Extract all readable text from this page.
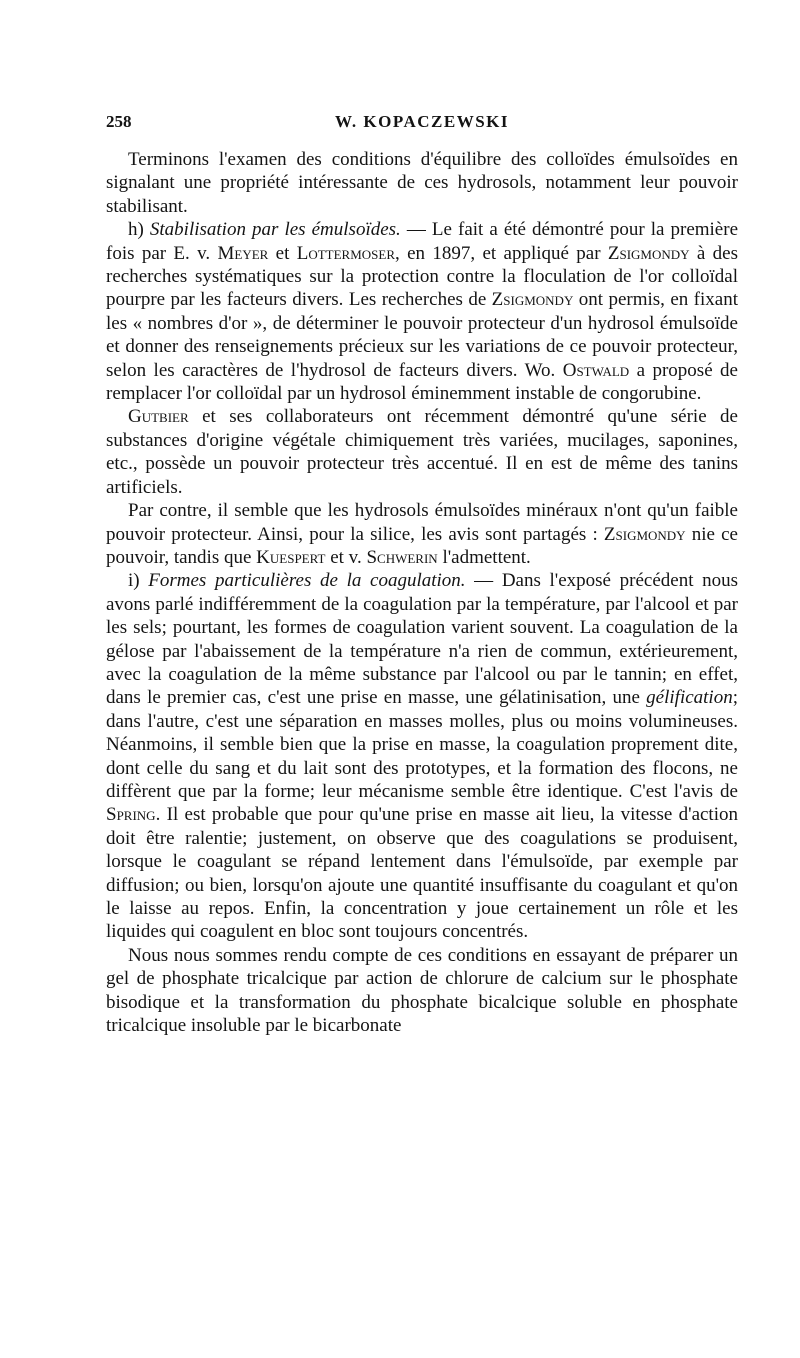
258	W. KOPACZEWSKI

Terminons l'examen des conditions d'équilibre des colloïdes émulsoïdes en signalant une propriété intéressante de ces hydrosols, notamment leur pouvoir stabilisant.

h) Stabilisation par les émulsoïdes. — Le fait a été démontré pour la première fois par E. v. Meyer et Lottermoser, en 1897, et appliqué par Zsigmondy à des recherches systématiques sur la protection contre la floculation de l'or colloïdal pourpre par les facteurs divers. Les recherches de Zsigmondy ont permis, en fixant les « nombres d'or », de déterminer le pouvoir protecteur d'un hydrosol émulsoïde et donner des renseignements précieux sur les variations de ce pouvoir protecteur, selon les caractères de l'hydrosol de facteurs divers. Wo. Ostwald a proposé de remplacer l'or colloïdal par un hydrosol éminemment instable de congorubine.

Gutbier et ses collaborateurs ont récemment démontré qu'une série de substances d'origine végétale chimiquement très variées, mucilages, saponines, etc., possède un pouvoir protecteur très accentué. Il en est de même des tanins artificiels.

Par contre, il semble que les hydrosols émulsoïdes minéraux n'ont qu'un faible pouvoir protecteur. Ainsi, pour la silice, les avis sont partagés : Zsigmondy nie ce pouvoir, tandis que Kuespert et v. Schwerin l'admettent.

i) Formes particulières de la coagulation. — Dans l'exposé précédent nous avons parlé indifféremment de la coagulation par la température, par l'alcool et par les sels; pourtant, les formes de coagulation varient souvent. La coagulation de la gélose par l'abaissement de la température n'a rien de commun, extérieurement, avec la coagulation de la même substance par l'alcool ou par le tannin; en effet, dans le premier cas, c'est une prise en masse, une gélatinisation, une gélification; dans l'autre, c'est une séparation en masses molles, plus ou moins volumineuses. Néanmoins, il semble bien que la prise en masse, la coagulation proprement dite, dont celle du sang et du lait sont des prototypes, et la formation des flocons, ne diffèrent que par la forme; leur mécanisme semble être identique. C'est l'avis de Spring. Il est probable que pour qu'une prise en masse ait lieu, la vitesse d'action doit être ralentie; justement, on observe que des coagulations se produisent, lorsque le coagulant se répand lentement dans l'émulsoïde, par exemple par diffusion; ou bien, lorsqu'on ajoute une quantité insuffisante du coagulant et qu'on le laisse au repos. Enfin, la concentration y joue certainement un rôle et les liquides qui coagulent en bloc sont toujours concentrés.

Nous nous sommes rendu compte de ces conditions en essayant de préparer un gel de phosphate tricalcique par action de chlorure de calcium sur le phosphate bisodique et la transformation du phosphate bicalcique soluble en phosphate tricalcique insoluble par le bicarbonate
